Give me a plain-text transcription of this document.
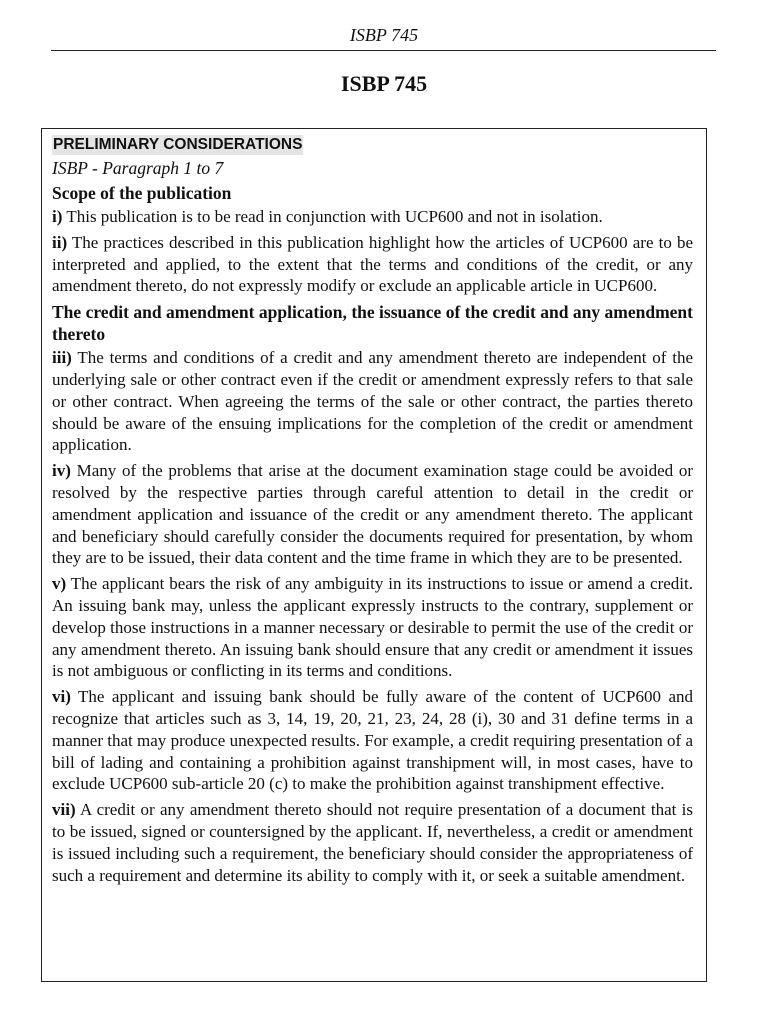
ISBP 745
ISBP 745
PRELIMINARY CONSIDERATIONS
ISBP - Paragraph 1 to 7
Scope of the publication

i) This publication is to be read in conjunction with UCP600 and not in isolation.

ii) The practices described in this publication highlight how the articles of UCP600 are to be interpreted and applied, to the extent that the terms and conditions of the credit, or any amendment thereto, do not expressly modify or exclude an applicable article in UCP600.

The credit and amendment application, the issuance of the credit and any amendment thereto

iii) The terms and conditions of a credit and any amendment thereto are independent of the underlying sale or other contract even if the credit or amendment expressly refers to that sale or other contract. When agreeing the terms of the sale or other contract, the parties thereto should be aware of the ensuing implications for the completion of the credit or amendment application.

iv) Many of the problems that arise at the document examination stage could be avoided or resolved by the respective parties through careful attention to detail in the credit or amendment application and issuance of the credit or any amendment thereto. The applicant and beneficiary should carefully consider the documents required for presentation, by whom they are to be issued, their data content and the time frame in which they are to be presented.

v) The applicant bears the risk of any ambiguity in its instructions to issue or amend a credit. An issuing bank may, unless the applicant expressly instructs to the contrary, supplement or develop those instructions in a manner necessary or desirable to permit the use of the credit or any amendment thereto. An issuing bank should ensure that any credit or amendment it issues is not ambiguous or conflicting in its terms and conditions.

vi) The applicant and issuing bank should be fully aware of the content of UCP600 and recognize that articles such as 3, 14, 19, 20, 21, 23, 24, 28 (i), 30 and 31 define terms in a manner that may produce unexpected results. For example, a credit requiring presentation of a bill of lading and containing a prohibition against transhipment will, in most cases, have to exclude UCP600 sub-article 20 (c) to make the prohibition against transhipment effective.

vii) A credit or any amendment thereto should not require presentation of a document that is to be issued, signed or countersigned by the applicant. If, nevertheless, a credit or amendment is issued including such a requirement, the beneficiary should consider the appropriateness of such a requirement and determine its ability to comply with it, or seek a suitable amendment.
